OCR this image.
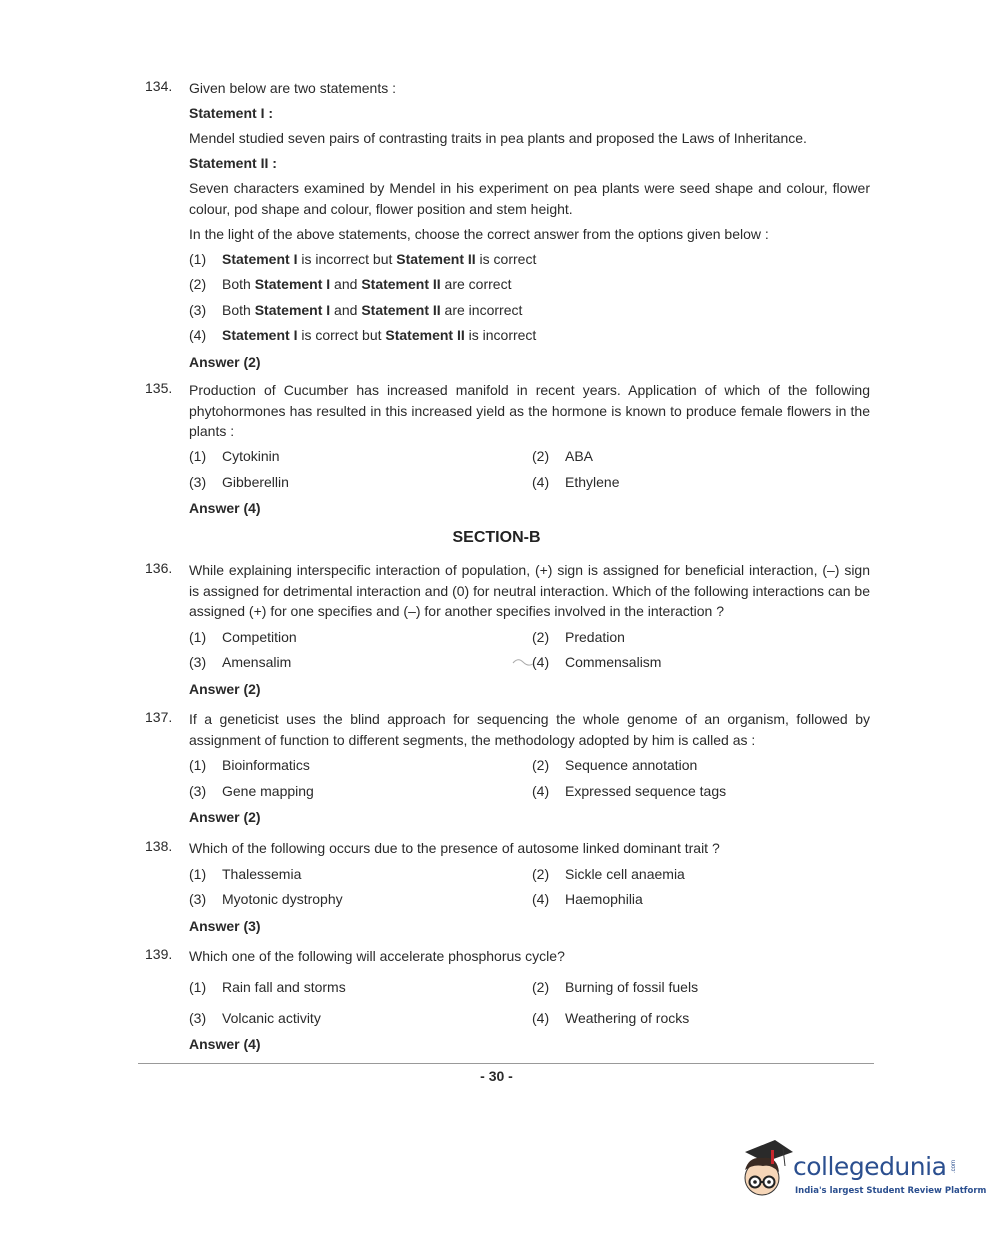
134.	Given below are two statements :
Statement I :
Mendel studied seven pairs of contrasting traits in pea plants and proposed the Laws of Inheritance.
Statement II :
Seven characters examined by Mendel in his experiment on pea plants were seed shape and colour, flower colour, pod shape and colour, flower position and stem height.
In the light of the above statements, choose the correct answer from the options given below :
(1)	Statement I is incorrect but Statement II is correct
(2)	Both Statement I and Statement II are correct
(3)	Both Statement I and Statement II are incorrect
(4)	Statement I is correct but Statement II is incorrect
Answer (2)
135.	Production of Cucumber has increased manifold in recent years. Application of which of the following phytohormones has resulted in this increased yield as the hormone is known to produce female flowers in the plants :
(1) Cytokinin	(2) ABA
(3) Gibberellin	(4) Ethylene
Answer (4)
SECTION-B
136.	While explaining interspecific interaction of population, (+) sign is assigned for beneficial interaction, (–) sign is assigned for detrimental interaction and (0) for neutral interaction. Which of the following interactions can be assigned (+) for one specifies and (–) for another specifies involved in the interaction ?
(1) Competition	(2) Predation
(3) Amensalim	(4) Commensalism
Answer (2)
137.	If a geneticist uses the blind approach for sequencing the whole genome of an organism, followed by assignment of function to different segments, the methodology adopted by him is called as :
(1) Bioinformatics	(2) Sequence annotation
(3) Gene mapping	(4) Expressed sequence tags
Answer (2)
138.	Which of the following occurs due to the presence of autosome linked dominant trait ?
(1) Thalessemia	(2) Sickle cell anaemia
(3) Myotonic dystrophy	(4) Haemophilia
Answer (3)
139.	Which one of the following will accelerate phosphorus cycle?
(1) Rain fall and storms	(2) Burning of fossil fuels
(3) Volcanic activity	(4) Weathering of rocks
Answer (4)
- 30 -
collegedunia .com
India's largest Student Review Platform
